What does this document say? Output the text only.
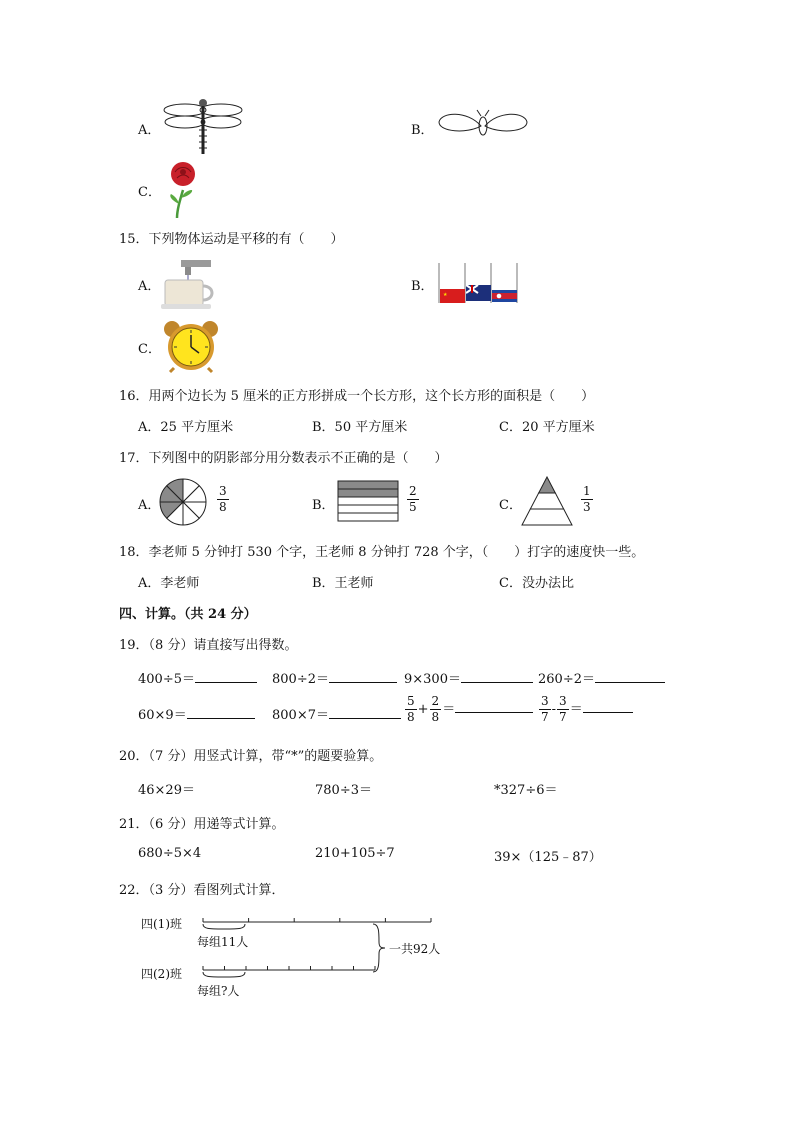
A．	B．
C．
15．下列物体运动是平移的有（　　）
A．	B．
★
C．
16．用两个边长为 5 厘米的正方形拼成一个长方形，这个长方形的面积是（　　）
A．25 平方厘米	B．50 平方厘米	C．20 平方厘米
17．下列图中的阴影部分用分数表示不正确的是（　　）
A．	$\frac{3}{8}$	B．	$\frac{2}{5}$	C．	$\frac{1}{3}$
18．李老师 5 分钟打 530 个字，王老师 8 分钟打 728 个字，（　　）打字的速度快一些。
A．李老师	B．王老师	C．没办法比
四、计算。（共 24 分）
19．（8 分）请直接写出得数。
400÷5＝	800÷2＝	9×300＝	260÷2＝
60×9＝	800×7＝	$\frac{5}{8} + \frac{2}{8}$ ＝	$\frac{3}{7} - \frac{3}{7}$ ＝
20．（7 分）用竖式计算，带“*”的题要验算。
46×29＝	780÷3＝	*327÷6＝
21．（6 分）用递等式计算。
680÷5×4	210+105÷7	39×（125﹣87）
22．（3 分）看图列式计算．
四(1)班
四(2)班
每组11人
每组?人
一共92人
